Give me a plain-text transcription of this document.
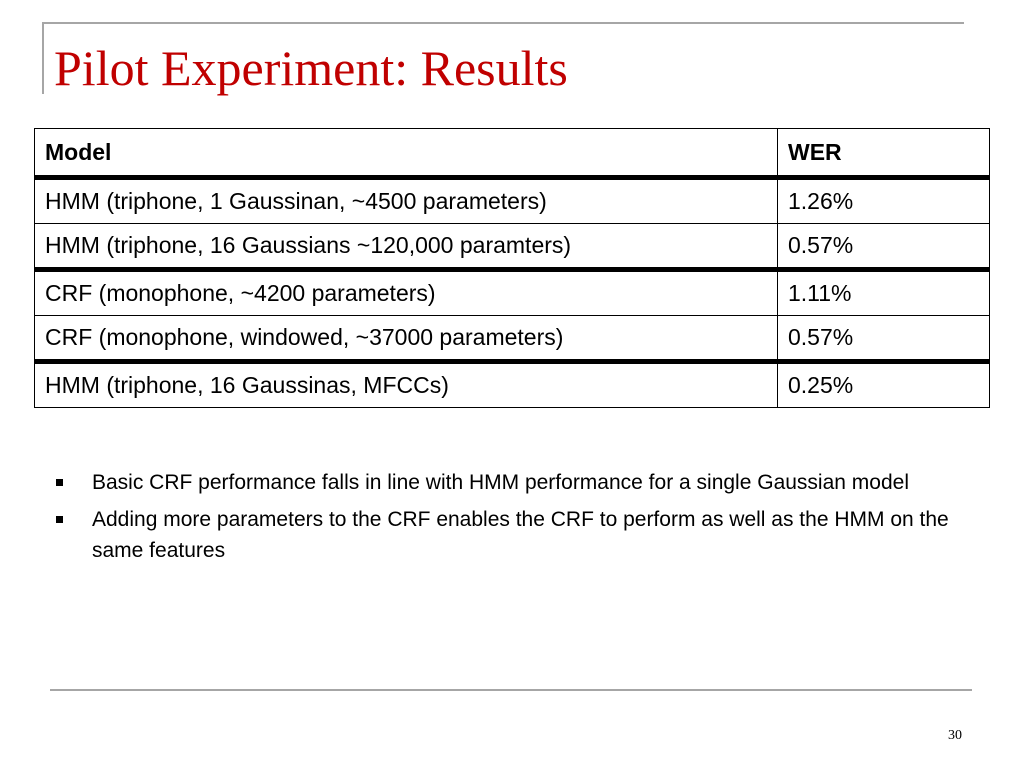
Pilot Experiment: Results
Model	WER
HMM (triphone, 1 Gaussinan, ~4500 parameters)	1.26%
HMM (triphone, 16 Gaussians ~120,000 paramters)	0.57%
CRF (monophone, ~4200 parameters)	1.11%
CRF (monophone, windowed, ~37000 parameters)	0.57%
HMM (triphone, 16 Gaussinas, MFCCs)	0.25%
Basic CRF performance falls in line with HMM performance for a single Gaussian model
Adding more parameters to the CRF enables the CRF to perform as well as the HMM on the same features
30
